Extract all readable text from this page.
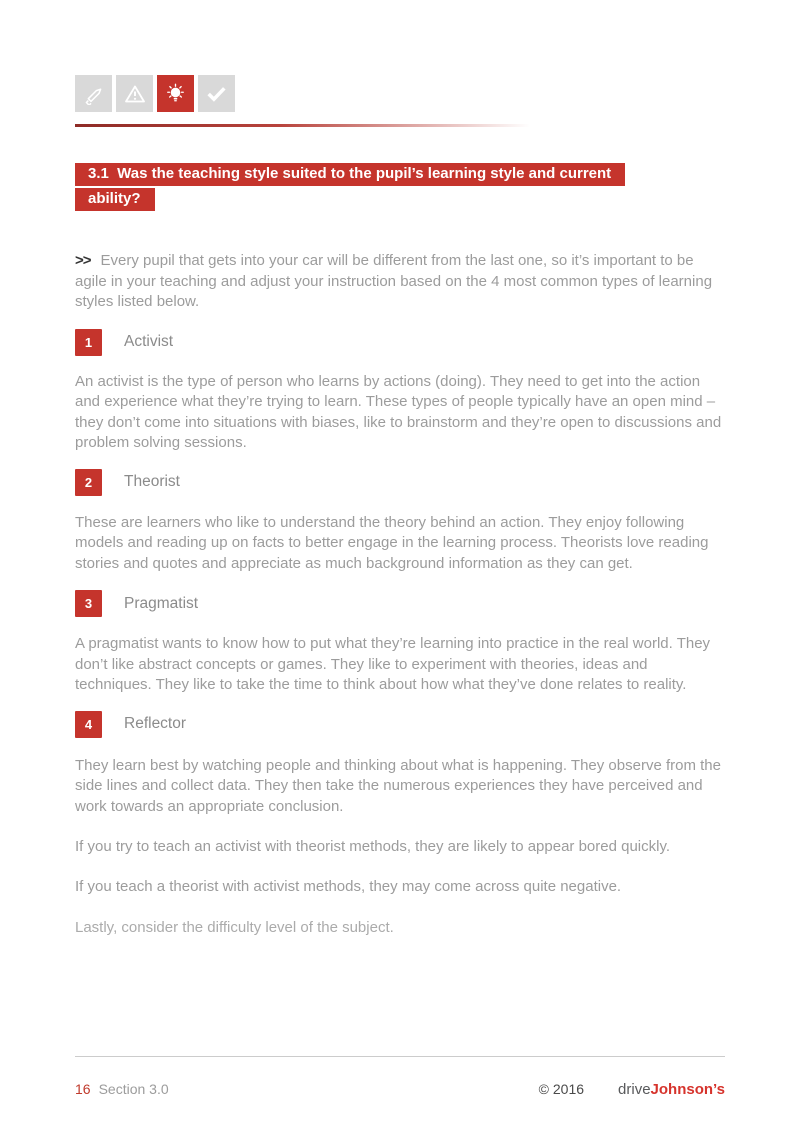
3.1  Was the teaching style suited to the pupil’s learning style and current
ability?

>> Every pupil that gets into your car will be different from the last one, so it’s important to be agile in your teaching and adjust your instruction based on the 4 most common types of learning styles listed below.

1	Activist

An activist is the type of person who learns by actions (doing). They need to get into the action and experience what they’re trying to learn. These types of people typically have an open mind – they don’t come into situations with biases, like to brainstorm and they’re open to discussions and problem solving sessions.

2	Theorist

These are learners who like to understand the theory behind an action. They enjoy following models and reading up on facts to better engage in the learning process. Theorists love reading stories and quotes and appreciate as much background information as they can get.

3	Pragmatist

A pragmatist wants to know how to put what they’re learning into practice in the real world. They don’t like abstract concepts or games. They like to experiment with theories, ideas and techniques. They like to take the time to think about how what they’ve done relates to reality.

4	Reflector

They learn best by watching people and thinking about what is happening. They observe from the side lines and collect data. They then take the numerous experiences they have perceived and work towards an appropriate conclusion.

If you try to teach an activist with theorist methods, they are likely to appear bored quickly.

If you teach a theorist with activist methods, they may come across quite negative.

Lastly, consider the difficulty level of the subject.

16 Section 3.0	© 2016 driveJohnson’s
